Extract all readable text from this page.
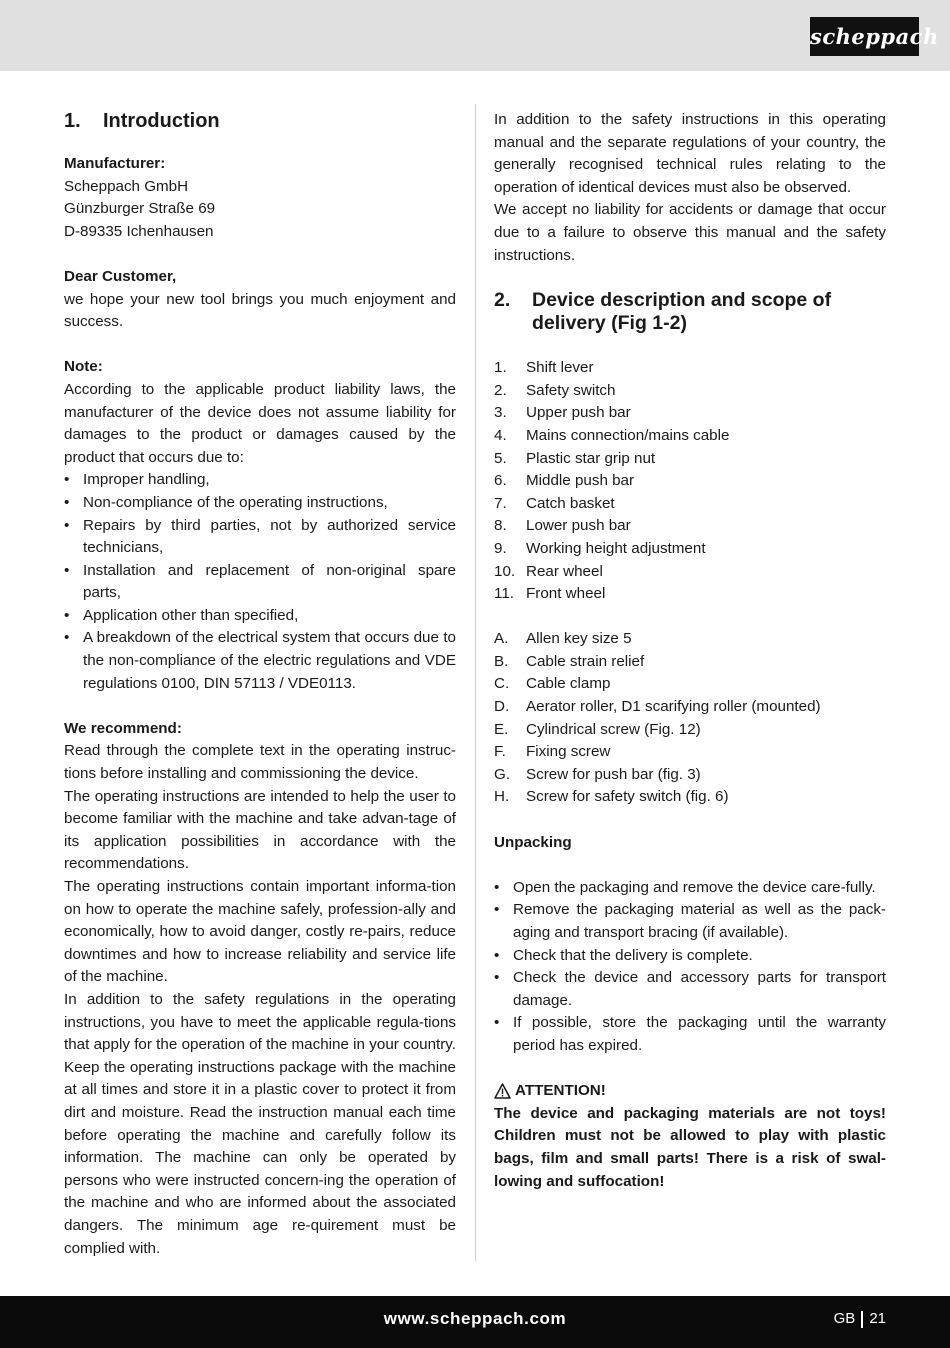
scheppach
1.	Introduction
Manufacturer:
Scheppach GmbH
Günzburger Straße 69
D-89335 Ichenhausen
Dear Customer,

we hope your new tool brings you much enjoyment and success.

Note:

According to the applicable product liability laws, the manufacturer of the device does not assume liability for damages to the product or damages caused by the product that occurs due to:

• Improper handling,
• Non-compliance of the operating instructions,
• Repairs by third parties, not by authorized service technicians,
• Installation and replacement of non-original spare parts,
• Application other than specified,
• A breakdown of the electrical system that occurs due to the non-compliance of the electric regulations and VDE regulations 0100, DIN 57113 / VDE0113.
We recommend:

Read through the complete text in the operating instruc-tions before installing and commissioning the device.

The operating instructions are intended to help the user to become familiar with the machine and take advan-tage of its application possibilities in accordance with the recommendations.

The operating instructions contain important informa-tion on how to operate the machine safely, profession-ally and economically, how to avoid danger, costly re-pairs, reduce downtimes and how to increase reliability and service life of the machine.

In addition to the safety regulations in the operating instructions, you have to meet the applicable regula-tions that apply for the operation of the machine in your country. Keep the operating instructions package with the machine at all times and store it in a plastic cover to protect it from dirt and moisture. Read the instruction manual each time before operating the machine and carefully follow its information. The machine can only be operated by persons who were instructed concern-ing the operation of the machine and who are informed about the associated dangers. The minimum age re-quirement must be complied with.

In addition to the safety instructions in this operating manual and the separate regulations of your country, the generally recognised technical rules relating to the operation of identical devices must also be observed.

We accept no liability for accidents or damage that occur due to a failure to observe this manual and the safety instructions.

2.	Device description and scope of delivery (Fig 1-2)
1.	Shift lever
2.	Safety switch
3.	Upper push bar
4.	Mains connection/mains cable
5.	Plastic star grip nut
6.	Middle push bar
7.	Catch basket
8.	Lower push bar
9.	Working height adjustment
10. Rear wheel
11. Front wheel
A.	Allen key size 5
B.	Cable strain relief
C.	Cable clamp
D.	Aerator roller, D1 scarifying roller (mounted)
E.	Cylindrical screw (Fig. 12)
F.	Fixing screw
G.	Screw for push bar (fig. 3)
H.	Screw for safety switch (fig. 6)
Unpacking
• Open the packaging and remove the device care-fully.
• Remove the packaging material as well as the pack-aging and transport bracing (if available).
• Check that the delivery is complete.
• Check the device and accessory parts for transport damage.
• If possible, store the packaging until the warranty period has expired.
ATTENTION!

The device and packaging materials are not toys! Children must not be allowed to play with plastic bags, film and small parts! There is a risk of swal-lowing and suffocation!

www.scheppach.com	GB 21
